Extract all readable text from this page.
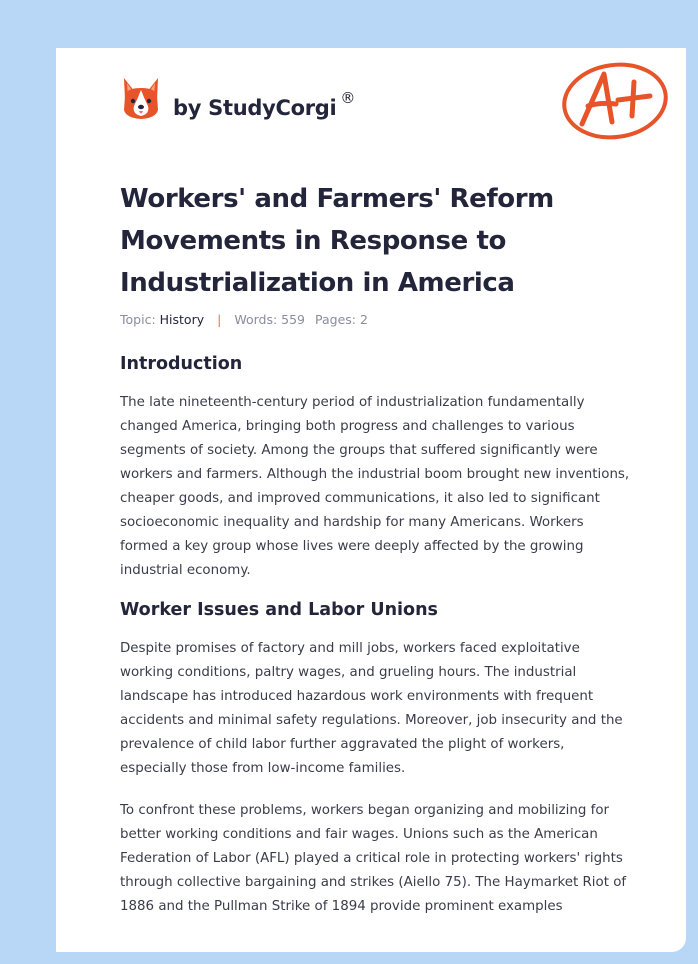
by StudyCorgi ®
Workers' and Farmers' Reform Movements in Response to Industrialization in America
Topic: History | Words: 559 Pages: 2
Introduction

The late nineteenth-century period of industrialization fundamentally changed America, bringing both progress and challenges to various segments of society. Among the groups that suffered significantly were workers and farmers. Although the industrial boom brought new inventions, cheaper goods, and improved communications, it also led to significant socioeconomic inequality and hardship for many Americans. Workers formed a key group whose lives were deeply affected by the growing industrial economy.

Worker Issues and Labor Unions

Despite promises of factory and mill jobs, workers faced exploitative working conditions, paltry wages, and grueling hours. The industrial landscape has introduced hazardous work environments with frequent accidents and minimal safety regulations. Moreover, job insecurity and the prevalence of child labor further aggravated the plight of workers, especially those from low-income families.

To confront these problems, workers began organizing and mobilizing for better working conditions and fair wages. Unions such as the American Federation of Labor (AFL) played a critical role in protecting workers' rights through collective bargaining and strikes (Aiello 75). The Haymarket Riot of 1886 and the Pullman Strike of 1894 provide prominent examples
